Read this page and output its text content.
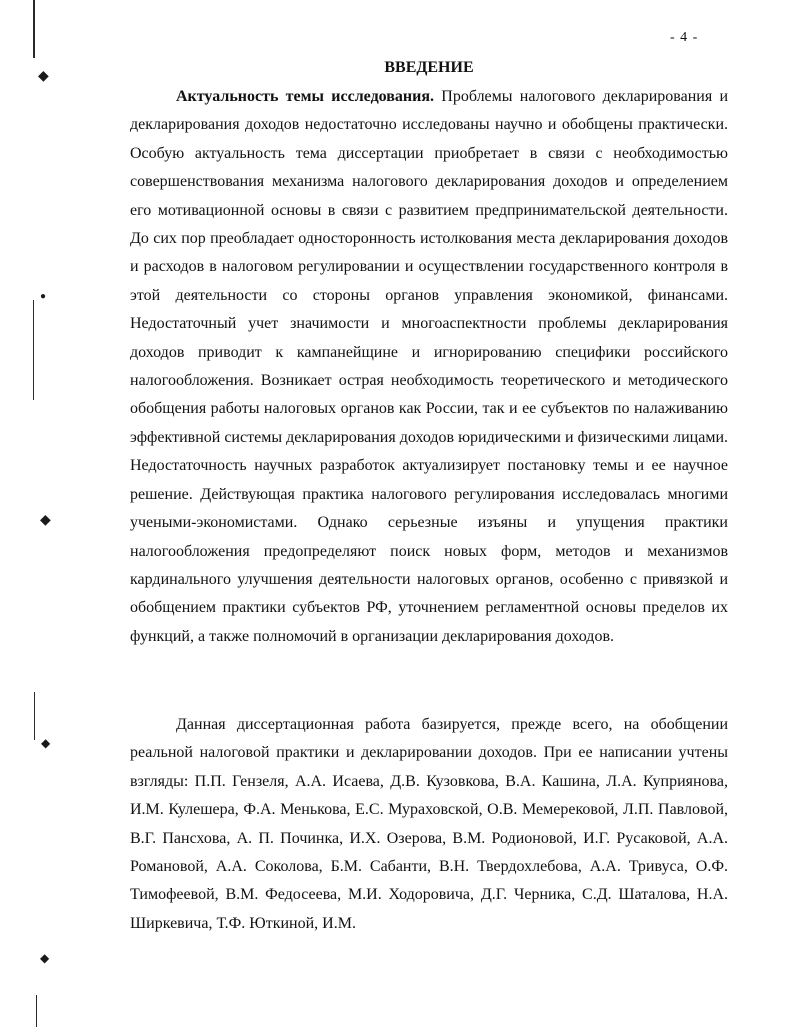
◆
●
◆
◆
◆
- 4 -
ВВЕДЕНИЕ

Актуальность темы исследования. Проблемы налогового декларирования и декларирования доходов недостаточно исследованы научно и обобщены практически. Особую актуальность тема диссертации приобретает в связи с необходимостью совершенствования механизма налогового декларирования доходов и определением его мотивационной основы в связи с развитием предпринимательской деятельности. До сих пор преобладает односторонность истолкования места декларирования доходов и расходов в налоговом регулировании и осуществлении государственного контроля в этой деятельности со стороны органов управления экономикой, финансами. Недостаточный учет значимости и многоаспектности проблемы декларирования доходов приводит к кампанейщине и игнорированию специфики российского налогообложения. Возникает острая необходимость теоретического и методического обобщения работы налоговых органов как России, так и ее субъектов по налаживанию эффективной системы декларирования доходов юридическими и физическими лицами. Недостаточность научных разработок актуализирует постановку темы и ее научное решение. Действующая практика налогового регулирования исследовалась многими учеными-экономистами. Однако серьезные изъяны и упущения практики налогообложения предопределяют поиск новых форм, методов и механизмов кардинального улучшения деятельности налоговых органов, особенно с привязкой и обобщением практики субъектов РФ, уточнением регламентной основы пределов их функций, а также полномочий в организации декларирования доходов.

Данная диссертационная работа базируется, прежде всего, на обобщении реальной налоговой практики и декларировании доходов. При ее написании учтены взгляды: П.П. Гензеля, А.А. Исаева, Д.В. Кузовкова, В.А. Кашина, Л.А. Куприянова, И.М. Кулешера, Ф.А. Менькова, Е.С. Мураховской, О.В. Мемерековой, Л.П. Павловой, В.Г. Пансхова, А. П. Починка, И.Х. Озерова, В.М. Родионовой, И.Г. Русаковой, А.А. Романовой, А.А. Соколова, Б.М. Сабанти, В.Н. Твердохлебова, А.А. Тривуса, О.Ф. Тимофеевой, В.М. Федосеева, М.И. Ходоровича, Д.Г. Черника, С.Д. Шаталова, Н.А. Ширкевича, Т.Ф. Юткиной, И.М.
